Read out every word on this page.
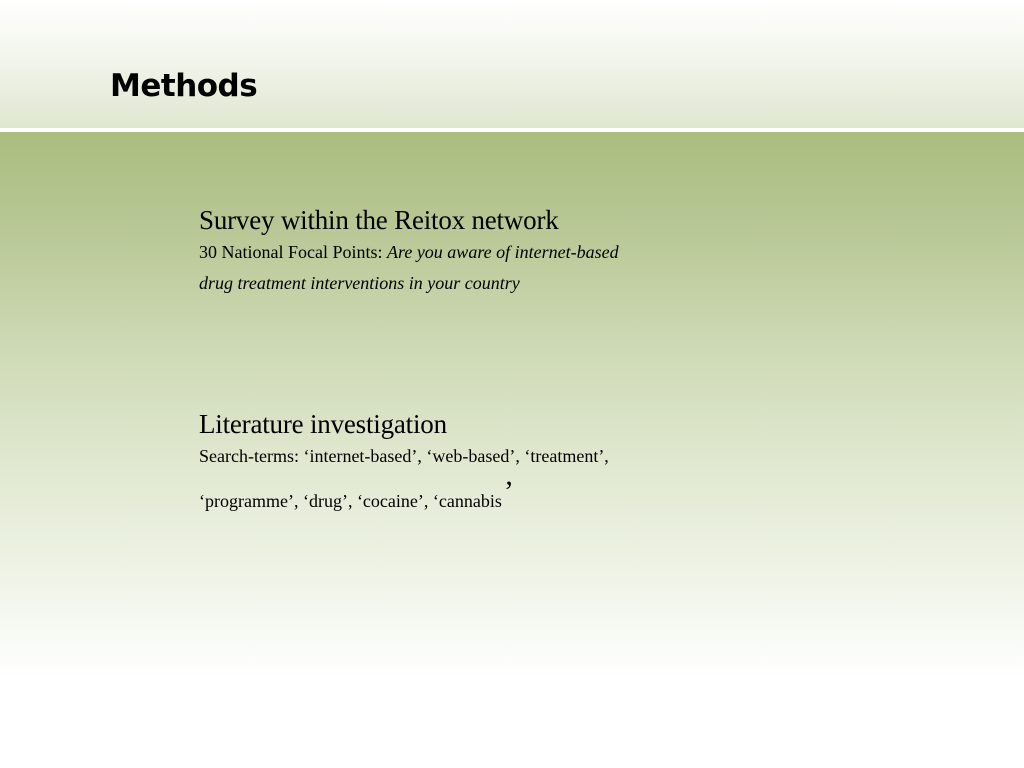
Methods
Survey within the Reitox network
30 National Focal Points: Are you aware of internet-based
drug treatment interventions in your country
Literature investigation
Search-terms: ‘internet-based’, ‘web-based’, ‘treatment’,
‘programme’, ‘drug’, ‘cocaine’, ‘cannabis’
